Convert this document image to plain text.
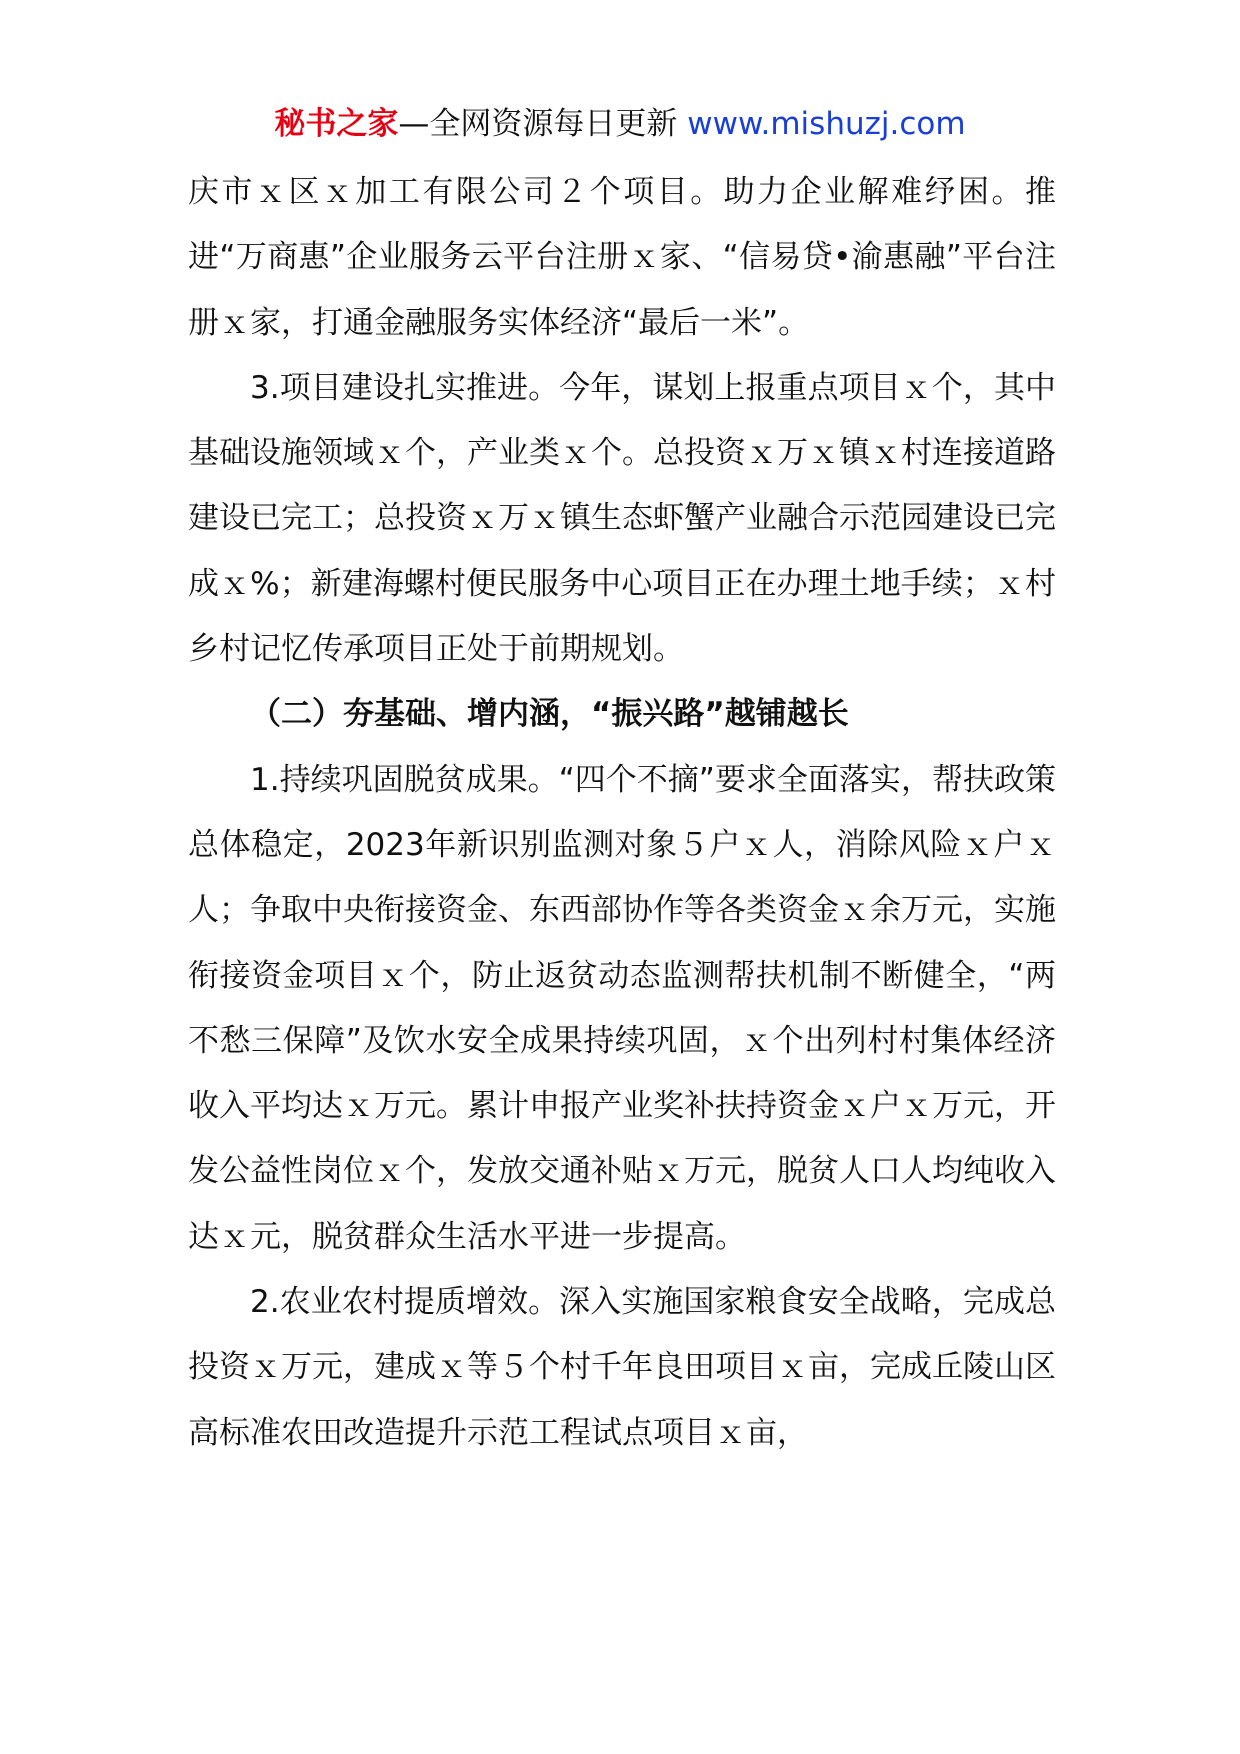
秘书之家—全网资源每日更新 www.mishuzj.com

庆市ｘ区ｘ加工有限公司２个项目。助力企业解难纾困。推进“万商惠”企业服务云平台注册ｘ家、“信易贷•渝惠融”平台注册ｘ家，打通金融服务实体经济“最后一米”。

3.项目建设扎实推进。今年，谋划上报重点项目ｘ个，其中基础设施领域ｘ个，产业类ｘ个。总投资ｘ万ｘ镇ｘ村连接道路建设已完工；总投资ｘ万ｘ镇生态虾蟹产业融合示范园建设已完成ｘ%；新建海螺村便民服务中心项目正在办理土地手续；ｘ村乡村记忆传承项目正处于前期规划。

（二）夯基础、增内涵，“振兴路”越铺越长

1.持续巩固脱贫成果。“四个不摘”要求全面落实，帮扶政策总体稳定，2023年新识别监测对象５户ｘ人，消除风险ｘ户ｘ人；争取中央衔接资金、东西部协作等各类资金ｘ余万元，实施衔接资金项目ｘ个，防止返贫动态监测帮扶机制不断健全，“两不愁三保障”及饮水安全成果持续巩固，ｘ个出列村村集体经济收入平均达ｘ万元。累计申报产业奖补扶持资金ｘ户ｘ万元，开发公益性岗位ｘ个，发放交通补贴ｘ万元，脱贫人口人均纯收入达ｘ元，脱贫群众生活水平进一步提高。

2.农业农村提质增效。深入实施国家粮食安全战略，完成总投资ｘ万元，建成ｘ等５个村千年良田项目ｘ亩，完成丘陵山区高标准农田改造提升示范工程试点项目ｘ亩，
